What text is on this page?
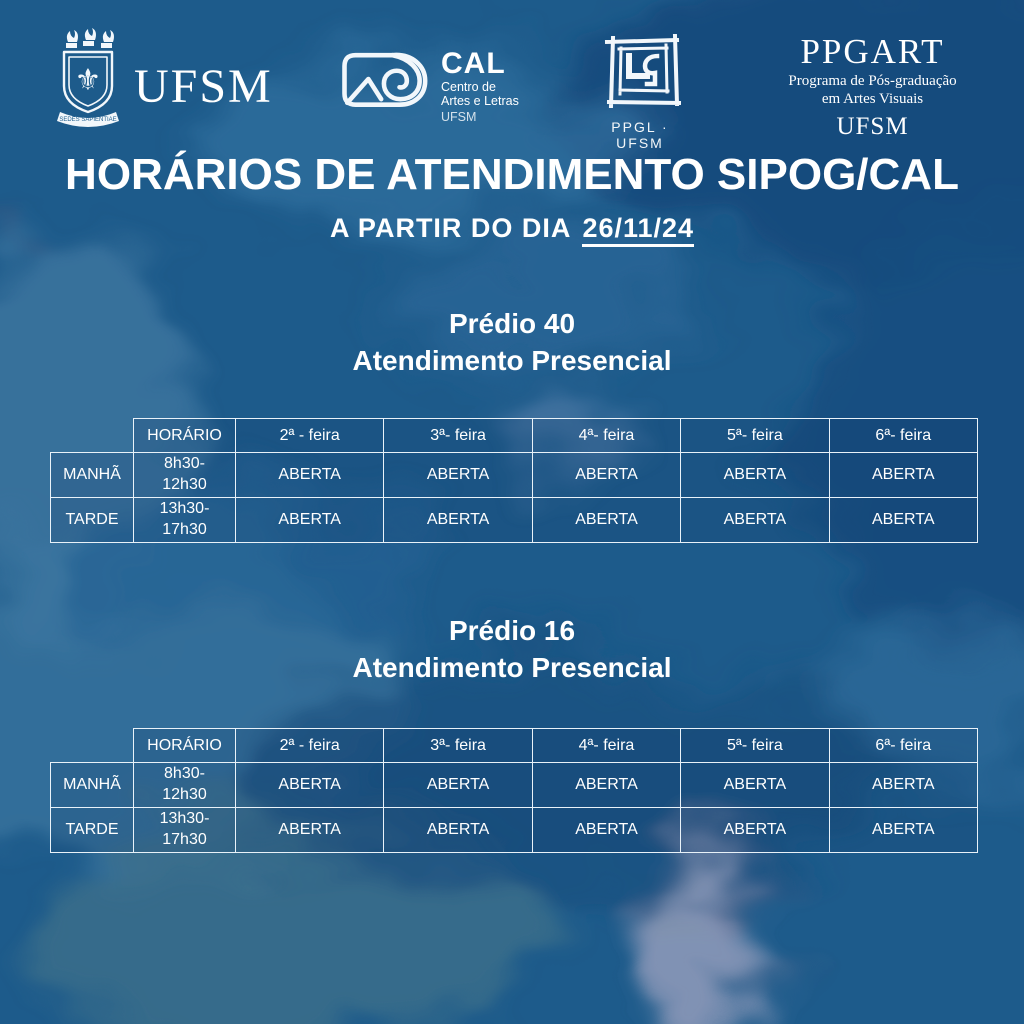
⚜
SEDES SAPIENTIAE
UFSM	CAL
Centro de
Artes e Letras
UFSM
PPGL · UFSM
PPGART
Programa de Pós-graduação
em Artes Visuais
UFSM
HORÁRIOS DE ATENDIMENTO SIPOG/CAL
A PARTIR DO DIA 26/11/24
Prédio 40
Atendimento Presencial
	HORÁRIO	2ª - feira	3ª- feira	4ª- feira	5ª- feira	6ª- feira
MANHÃ	8h30-
12h30	ABERTA	ABERTA	ABERTA	ABERTA	ABERTA
TARDE	13h30-
17h30	ABERTA	ABERTA	ABERTA	ABERTA	ABERTA
Prédio 16
Atendimento Presencial
	HORÁRIO	2ª - feira	3ª- feira	4ª- feira	5ª- feira	6ª- feira
MANHÃ	8h30-
12h30	ABERTA	ABERTA	ABERTA	ABERTA	ABERTA
TARDE	13h30-
17h30	ABERTA	ABERTA	ABERTA	ABERTA	ABERTA
